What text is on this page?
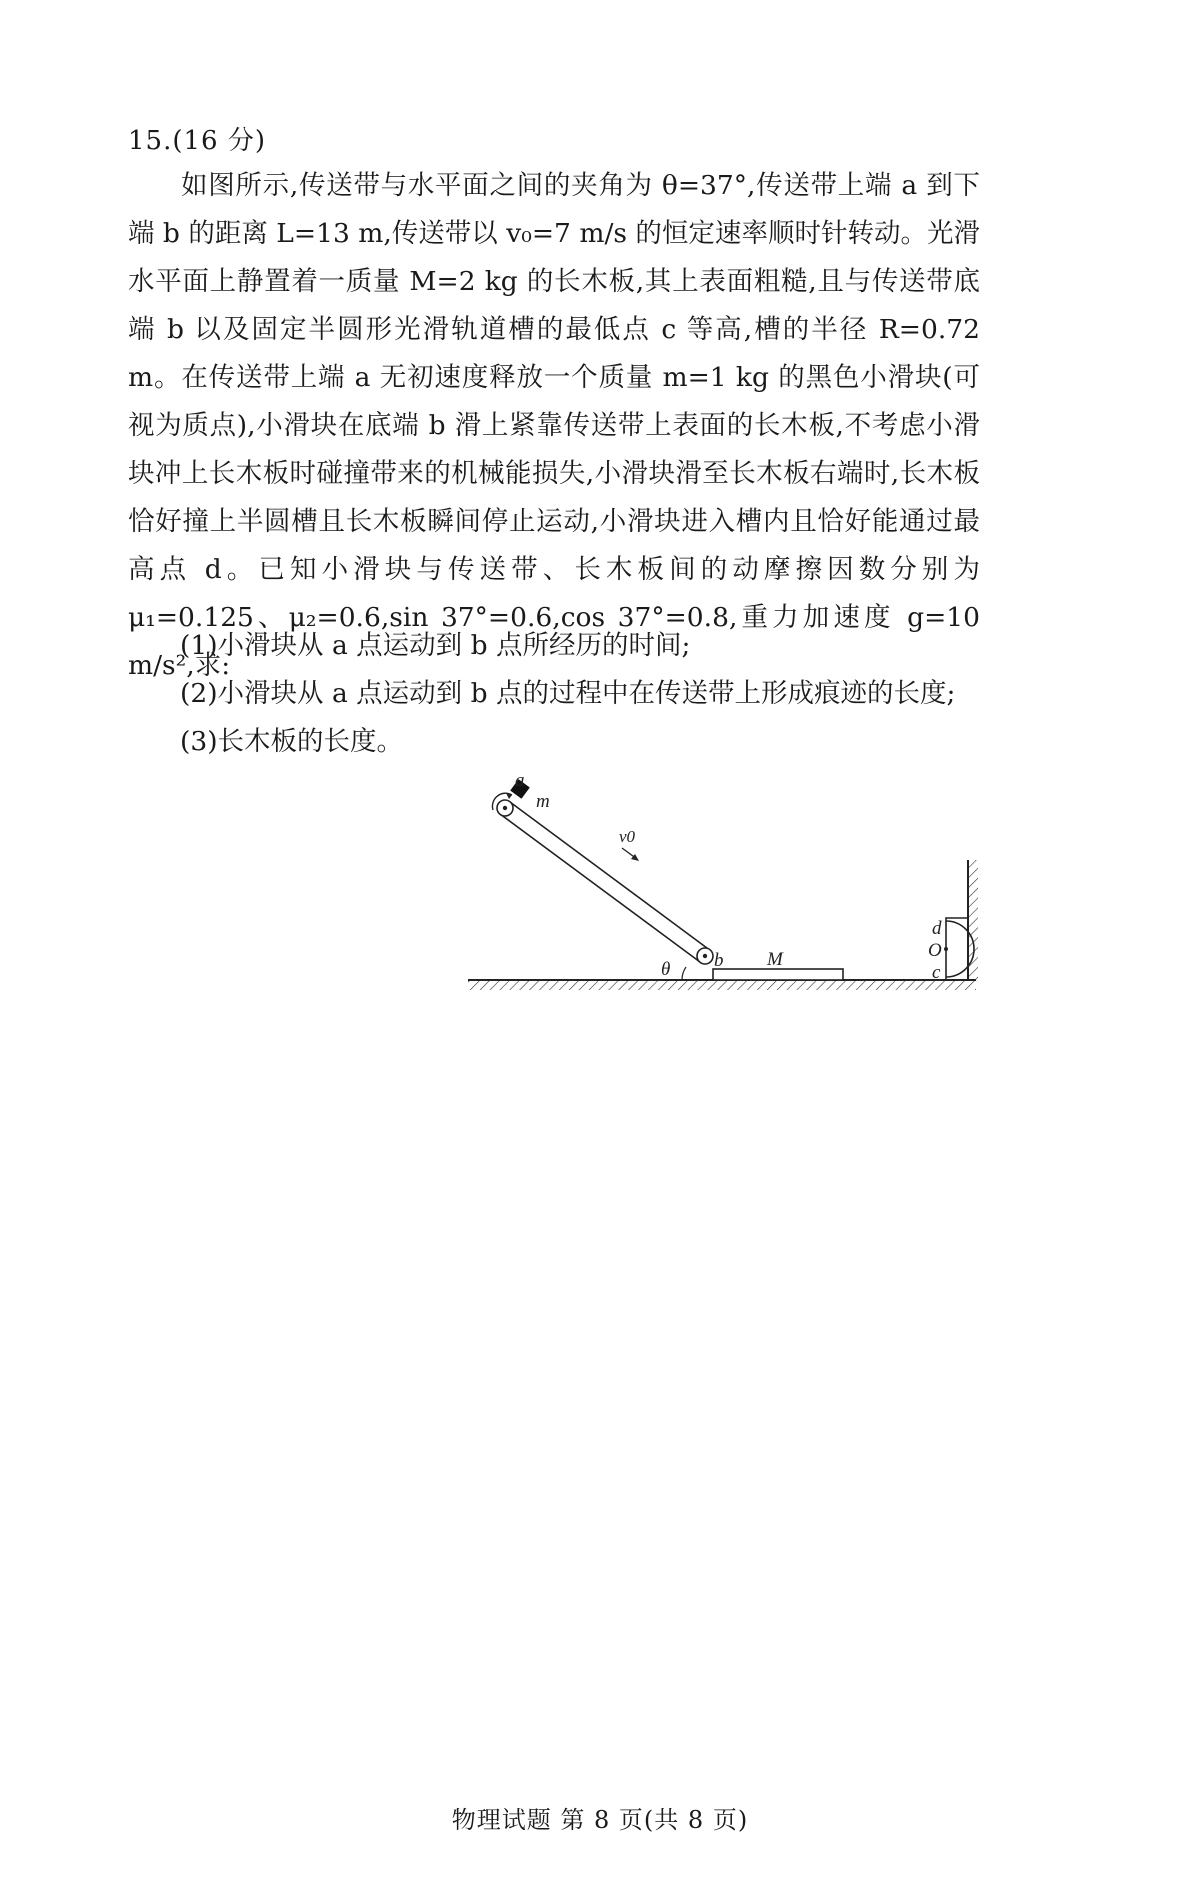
15.(16 分)
如图所示,传送带与水平面之间的夹角为 θ=37°,传送带上端 a 到下端 b 的距离 L=13 m,传送带以 v₀=7 m/s 的恒定速率顺时针转动。光滑水平面上静置着一质量 M=2 kg 的长木板,其上表面粗糙,且与传送带底端 b 以及固定半圆形光滑轨道槽的最低点 c 等高,槽的半径 R=0.72 m。在传送带上端 a 无初速度释放一个质量 m=1 kg 的黑色小滑块(可视为质点),小滑块在底端 b 滑上紧靠传送带上表面的长木板,不考虑小滑块冲上长木板时碰撞带来的机械能损失,小滑块滑至长木板右端时,长木板恰好撞上半圆槽且长木板瞬间停止运动,小滑块进入槽内且恰好能通过最高点 d。已知小滑块与传送带、长木板间的动摩擦因数分别为 μ₁=0.125、μ₂=0.6,sin 37°=0.6,cos 37°=0.8,重力加速度 g=10 m/s²,求:
(1)小滑块从 a 点运动到 b 点所经历的时间;
(2)小滑块从 a 点运动到 b 点的过程中在传送带上形成痕迹的长度;
(3)长木板的长度。
a
m
v0
θ b M
d
O
c
物理试题 第 8 页(共 8 页)
